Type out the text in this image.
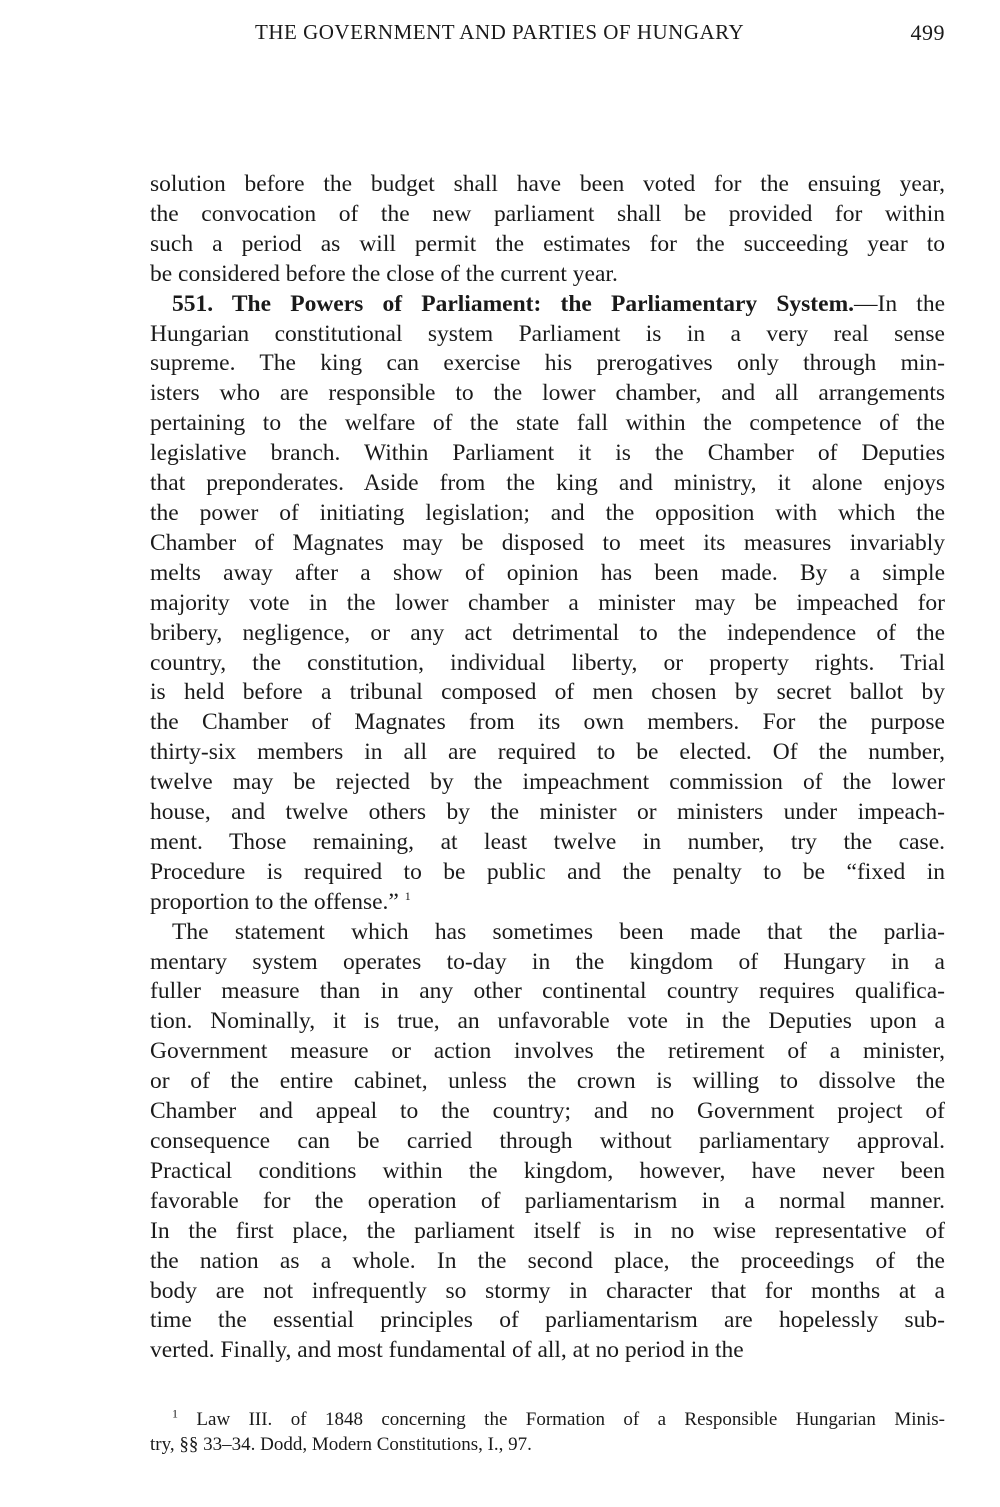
THE GOVERNMENT AND PARTIES OF HUNGARY	499
solution before the budget shall have been voted for the ensuing year,
the convocation of the new parliament shall be provided for within
such a period as will permit the estimates for the succeeding year to
be considered before the close of the current year.
551. The Powers of Parliament: the Parliamentary System.—In the
Hungarian constitutional system Parliament is in a very real sense
supreme. The king can exercise his prerogatives only through min-
isters who are responsible to the lower chamber, and all arrangements
pertaining to the welfare of the state fall within the competence of the
legislative branch. Within Parliament it is the Chamber of Deputies
that preponderates. Aside from the king and ministry, it alone enjoys
the power of initiating legislation; and the opposition with which the
Chamber of Magnates may be disposed to meet its measures invariably
melts away after a show of opinion has been made. By a simple
majority vote in the lower chamber a minister may be impeached for
bribery, negligence, or any act detrimental to the independence of the
country, the constitution, individual liberty, or property rights. Trial
is held before a tribunal composed of men chosen by secret ballot by
the Chamber of Magnates from its own members. For the purpose
thirty-six members in all are required to be elected. Of the number,
twelve may be rejected by the impeachment commission of the lower
house, and twelve others by the minister or ministers under impeach-
ment. Those remaining, at least twelve in number, try the case.
Procedure is required to be public and the penalty to be “fixed in
proportion to the offense.” $^1$
The statement which has sometimes been made that the parlia-
mentary system operates to-day in the kingdom of Hungary in a
fuller measure than in any other continental country requires qualifica-
tion. Nominally, it is true, an unfavorable vote in the Deputies upon a
Government measure or action involves the retirement of a minister,
or of the entire cabinet, unless the crown is willing to dissolve the
Chamber and appeal to the country; and no Government project of
consequence can be carried through without parliamentary approval.
Practical conditions within the kingdom, however, have never been
favorable for the operation of parliamentarism in a normal manner.
In the first place, the parliament itself is in no wise representative of
the nation as a whole. In the second place, the proceedings of the
body are not infrequently so stormy in character that for months at a
time the essential principles of parliamentarism are hopelessly sub-
verted. Finally, and most fundamental of all, at no period in the
$^1$ Law III. of 1848 concerning the Formation of a Responsible Hungarian Minis-
try, §§ 33–34. Dodd, Modern Constitutions, I., 97.
